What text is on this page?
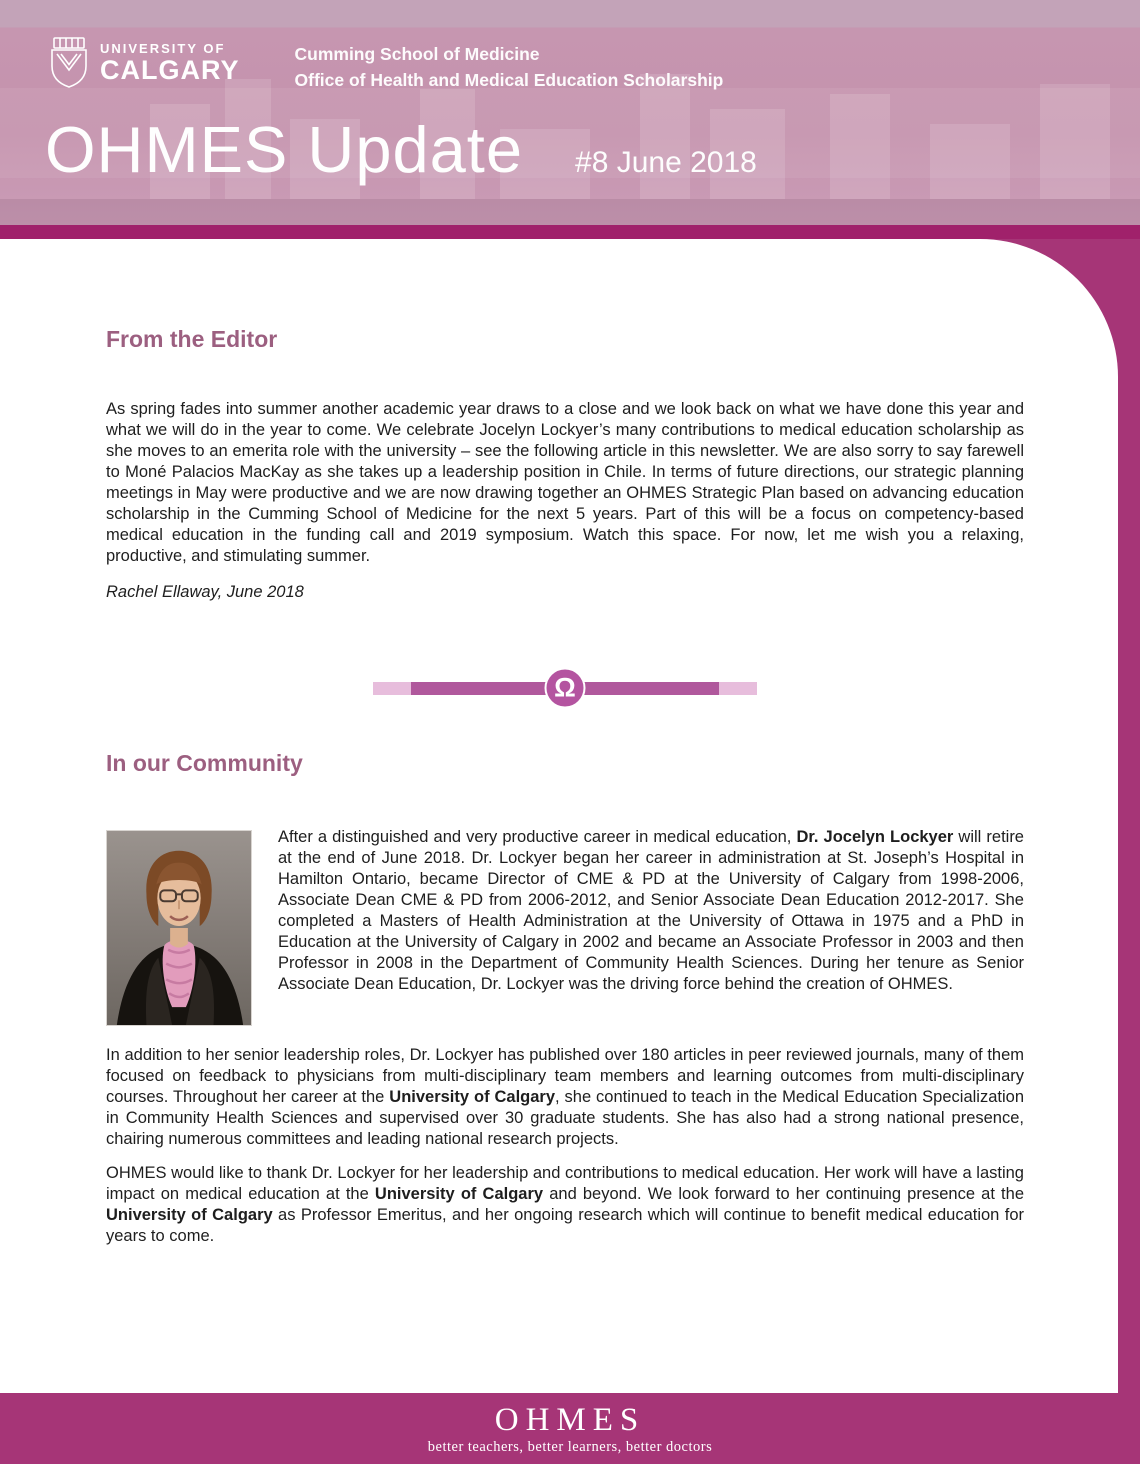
UNIVERSITY OF
CALGARY
Cumming School of Medicine
Office of Health and Medical Education Scholarship
OHMES Update #8 June 2018
From the Editor

As spring fades into summer another academic year draws to a close and we look back on what we have done this year and what we will do in the year to come. We celebrate Jocelyn Lockyer’s many contributions to medical education scholarship as she moves to an emerita role with the university – see the following article in this newsletter. We are also sorry to say farewell to Moné Palacios MacKay as she takes up a leadership position in Chile. In terms of future directions, our strategic planning meetings in May were productive and we are now drawing together an OHMES Strategic Plan based on advancing education scholarship in the Cumming School of Medicine for the next 5 years. Part of this will be a focus on competency-based medical education in the funding call and 2019 symposium. Watch this space. For now, let me wish you a relaxing, productive, and stimulating summer.

Rachel Ellaway, June 2018

Ω
In our Community

After a distinguished and very productive career in medical education, Dr. Jocelyn Lockyer will retire at the end of June 2018. Dr. Lockyer began her career in administration at St. Joseph’s Hospital in Hamilton Ontario, became Director of CME & PD at the University of Calgary from 1998-2006, Associate Dean CME & PD from 2006-2012, and Senior Associate Dean Education 2012-2017. She completed a Masters of Health Administration at the University of Ottawa in 1975 and a PhD in Education at the University of Calgary in 2002 and became an Associate Professor in 2003 and then Professor in 2008 in the Department of Community Health Sciences. During her tenure as Senior Associate Dean Education, Dr. Lockyer was the driving force behind the creation of OHMES.

In addition to her senior leadership roles, Dr. Lockyer has published over 180 articles in peer reviewed journals, many of them focused on feedback to physicians from multi-disciplinary team members and learning outcomes from multi-disciplinary courses. Throughout her career at the University of Calgary, she continued to teach in the Medical Education Specialization in Community Health Sciences and supervised over 30 graduate students. She has also had a strong national presence, chairing numerous committees and leading national research projects.

OHMES would like to thank Dr. Lockyer for her leadership and contributions to medical education. Her work will have a lasting impact on medical education at the University of Calgary and beyond. We look forward to her continuing presence at the University of Calgary as Professor Emeritus, and her ongoing research which will continue to benefit medical education for years to come.

OHMES
better teachers, better learners, better doctors
